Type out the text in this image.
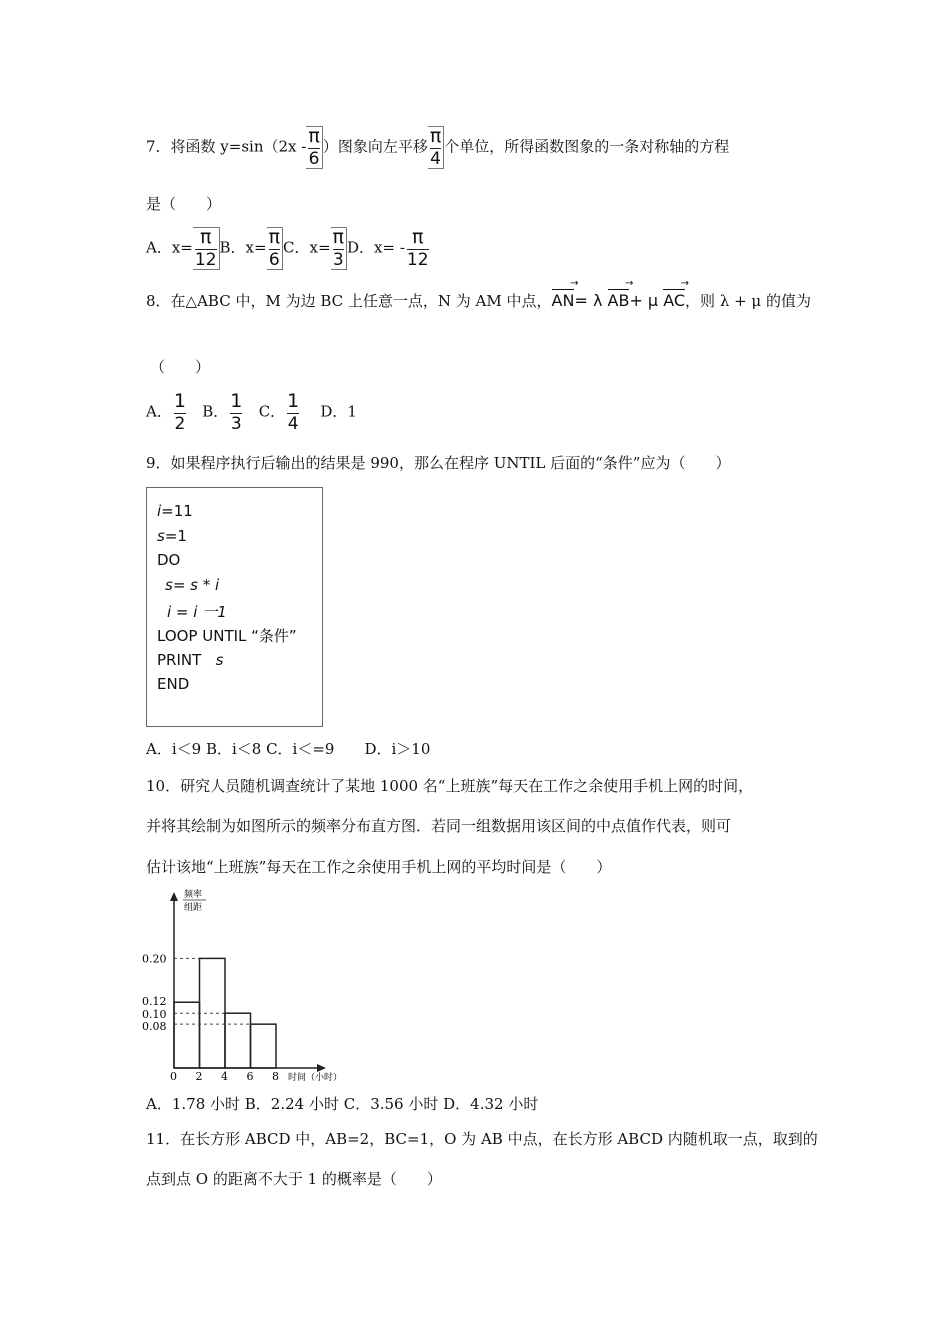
7．将函数 $y=\sin(2x - \frac{\pi}{6}$ ）图象向左平移 $\frac{\pi}{4}$ 个单位，所得函数图象的一条对称轴的方程
是（　　）
A．$x= \frac{\pi}{12}$ B．$x= \frac{\pi}{6}$ C．$x= \frac{\pi}{3}$ D．$x= - \frac{\pi}{12}$
8．在△ABC 中，M 为边 BC 上任意一点，N 为 AM 中点，AN →= λ AB →+ μ AC →，则 λ + μ 的值为
（　　）
A． $\frac{1}{2}$ B． $\frac{1}{3}$ C． $\frac{1}{4}$ D．1
9．如果程序执行后输出的结果是 990，那么在程序 UNTIL 后面的“条件”应为（　　）
i=11
s=1
DO
s= s * i
i = i 一1
LOOP UNTIL “条件”
PRINT s
END
A．i＜9 B．i＜8 C．i＜=9　　D．i＞10
10．研究人员随机调查统计了某地 1000 名“上班族”每天在工作之余使用手机上网的时间，
并将其绘制为如图所示的频率分布直方图．若同一组数据用该区间的中点值作代表，则可
估计该地“上班族”每天在工作之余使用手机上网的平均时间是（　　）
频率
组距
时间（小时）
0 2 4 6 8
0.20
0.12
0.10
0.08
A．1.78 小时 B．2.24 小时 C．3.56 小时 D．4.32 小时
11．在长方形 ABCD 中，AB=2，BC=1，O 为 AB 中点，在长方形 ABCD 内随机取一点，取到的
点到点 O 的距离不大于 1 的概率是（　　）
